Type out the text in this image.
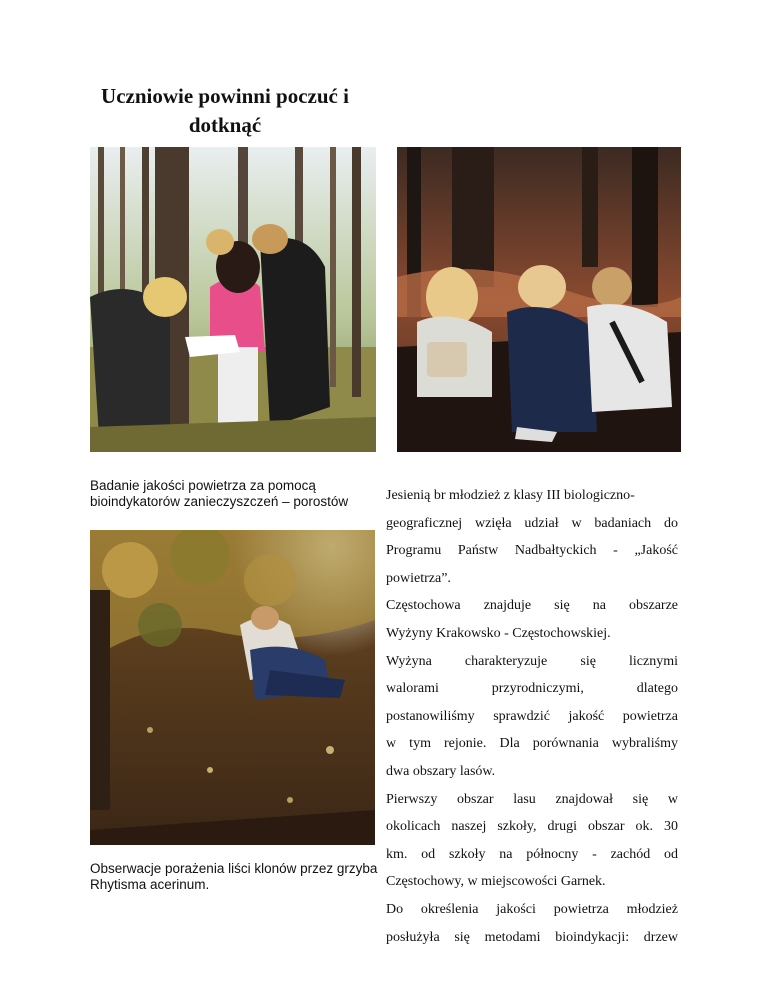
Uczniowie powinni poczuć i dotknąć
Badanie jakości powietrza za pomocą bioindykatorów zanieczyszczeń – porostów
Obserwacje porażenia liści klonów przez grzyba Rhytisma acerinum.
Jesienią br młodzież z klasy III biologiczno-
geograficznej wzięła udział w badaniach do
Programu Państw Nadbałtyckich - „Jakość
powietrza”.
Częstochowa znajduje się na obszarze
Wyżyny Krakowsko - Częstochowskiej.
Wyżyna charakteryzuje się licznymi
walorami przyrodniczymi, dlatego
postanowiliśmy sprawdzić jakość powietrza
w tym rejonie. Dla porównania wybraliśmy
dwa obszary lasów.
Pierwszy obszar lasu znajdował się w
okolicach naszej szkoły, drugi obszar ok. 30
km. od szkoły na północny - zachód od
Częstochowy, w miejscowości Garnek.
Do określenia jakości powietrza młodzież
posłużyła się metodami bioindykacji: drzew
